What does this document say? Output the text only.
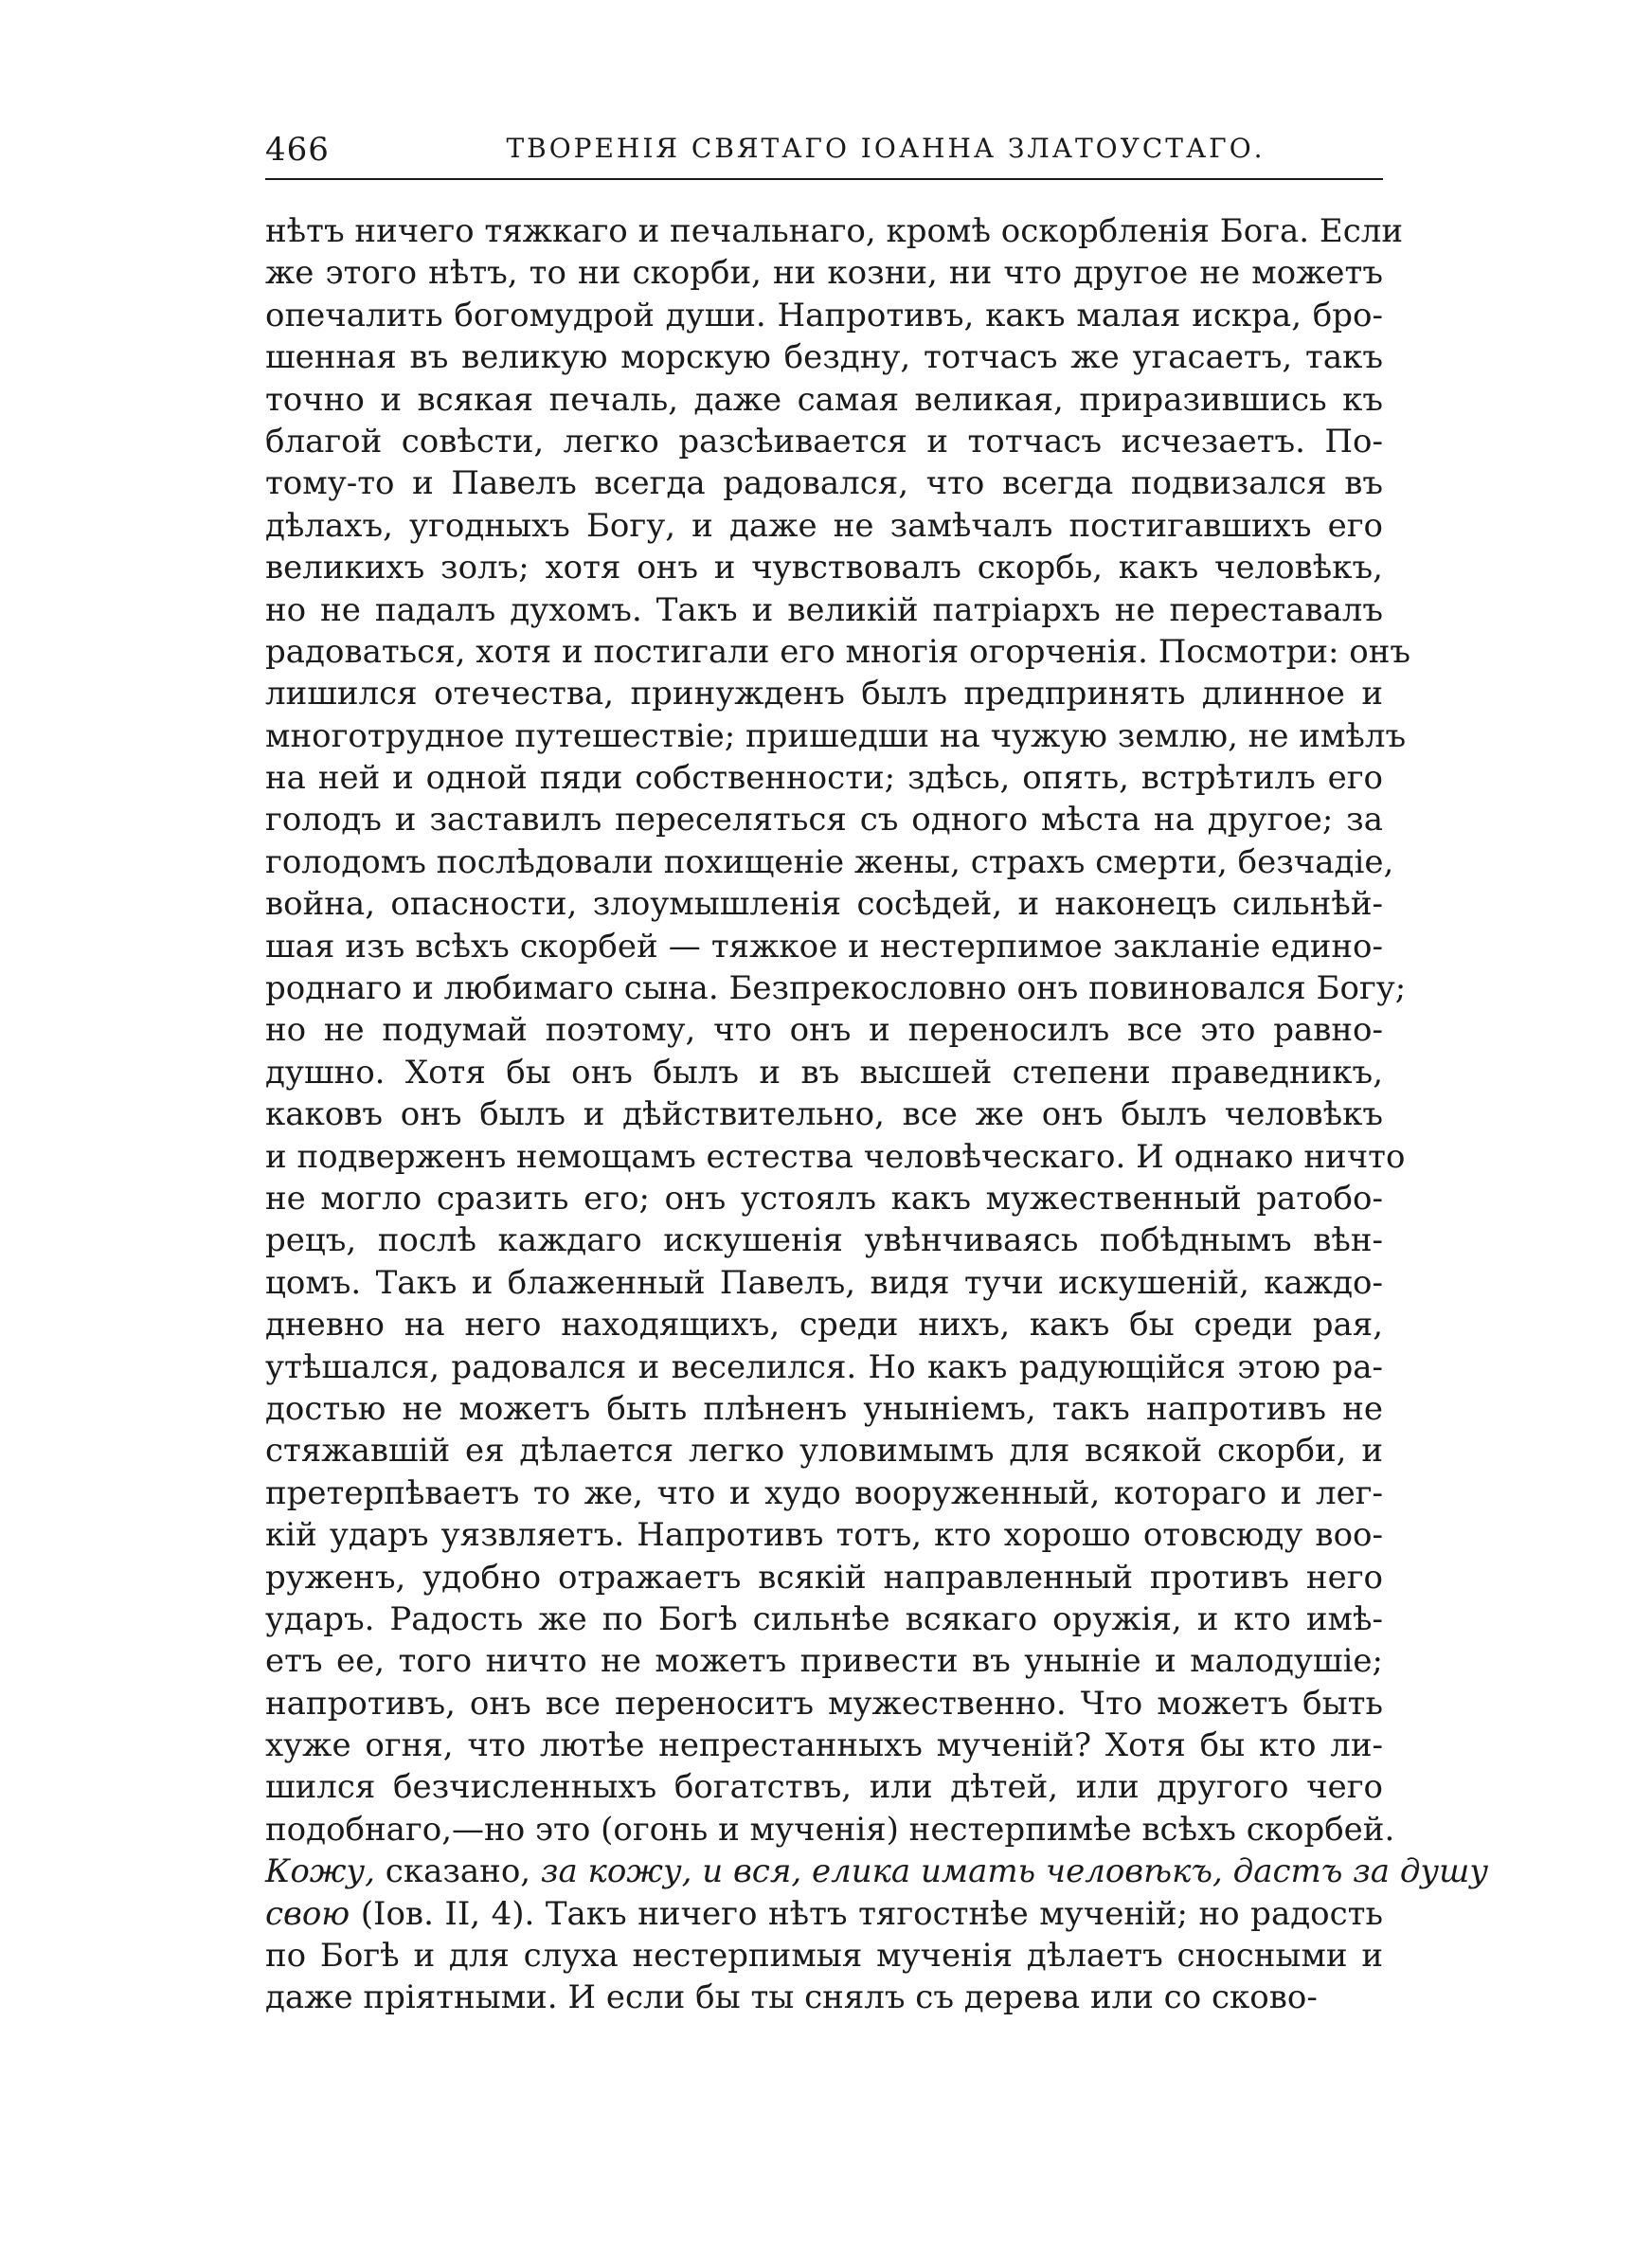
466	ТВОРЕНІЯ СВЯТАГО ІОАННА ЗЛАТОУСТАГО.
нѣтъ ничего тяжкаго и печальнаго, кромѣ оскорбленія Бога. Если
же этого нѣтъ, то ни скорби, ни козни, ни что другое не можетъ
опечалить богомудрой души. Напротивъ, какъ малая искра, бро-
шенная въ великую морскую бездну, тотчасъ же угасаетъ, такъ
точно и всякая печаль, даже самая великая, приразившись къ
благой совѣсти, легко разсѣивается и тотчасъ исчезаетъ. По-
тому-то и Павелъ всегда радовался, что всегда подвизался въ
дѣлахъ, угодныхъ Богу, и даже не замѣчалъ постигавшихъ его
великихъ золъ; хотя онъ и чувствовалъ скорбь, какъ человѣкъ,
но не падалъ духомъ. Такъ и великій патріархъ не переставалъ
радоваться, хотя и постигали его многія огорченія. Посмотри: онъ
лишился отечества, принужденъ былъ предпринять длинное и
многотрудное путешествіе; пришедши на чужую землю, не имѣлъ
на ней и одной пяди собственности; здѣсь, опять, встрѣтилъ его
голодъ и заставилъ переселяться съ одного мѣста на другое; за
голодомъ послѣдовали похищеніе жены, страхъ смерти, безчадіе,
война, опасности, злоумышленія сосѣдей, и наконецъ сильнѣй-
шая изъ всѣхъ скорбей — тяжкое и нестерпимое закланіе едино-
роднаго и любимаго сына. Безпрекословно онъ повиновался Богу;
но не подумай поэтому, что онъ и переносилъ все это равно-
душно. Хотя бы онъ былъ и въ высшей степени праведникъ,
каковъ онъ былъ и дѣйствительно, все же онъ былъ человѣкъ
и подверженъ немощамъ естества человѣческаго. И однако ничто
не могло сразить его; онъ устоялъ какъ мужественный ратобо-
рецъ, послѣ каждаго искушенія увѣнчиваясь побѣднымъ вѣн-
цомъ. Такъ и блаженный Павелъ, видя тучи искушеній, каждо-
дневно на него находящихъ, среди нихъ, какъ бы среди рая,
утѣшался, радовался и веселился. Но какъ радующійся этою ра-
достью не можетъ быть плѣненъ уныніемъ, такъ напротивъ не
стяжавшій ея дѣлается легко уловимымъ для всякой скорби, и
претерпѣваетъ то же, что и худо вооруженный, котораго и лег-
кій ударъ уязвляетъ. Напротивъ тотъ, кто хорошо отовсюду воо-
руженъ, удобно отражаетъ всякій направленный противъ него
ударъ. Радость же по Богѣ сильнѣе всякаго оружія, и кто имѣ-
етъ ее, того ничто не можетъ привести въ уныніе и малодушіе;
напротивъ, онъ все переноситъ мужественно. Что можетъ быть
хуже огня, что лютѣе непрестанныхъ мученій? Хотя бы кто ли-
шился безчисленныхъ богатствъ, или дѣтей, или другого чего
подобнаго,—но это (огонь и мученія) нестерпимѣе всѣхъ скорбей.
Кожу, сказано, за кожу, и вся, елика имать человѣкъ, дастъ за душу
свою (Іов. II, 4). Такъ ничего нѣтъ тягостнѣе мученій; но радость
по Богѣ и для слуха нестерпимыя мученія дѣлаетъ сносными и
даже пріятными. И если бы ты снялъ съ дерева или со сково-
